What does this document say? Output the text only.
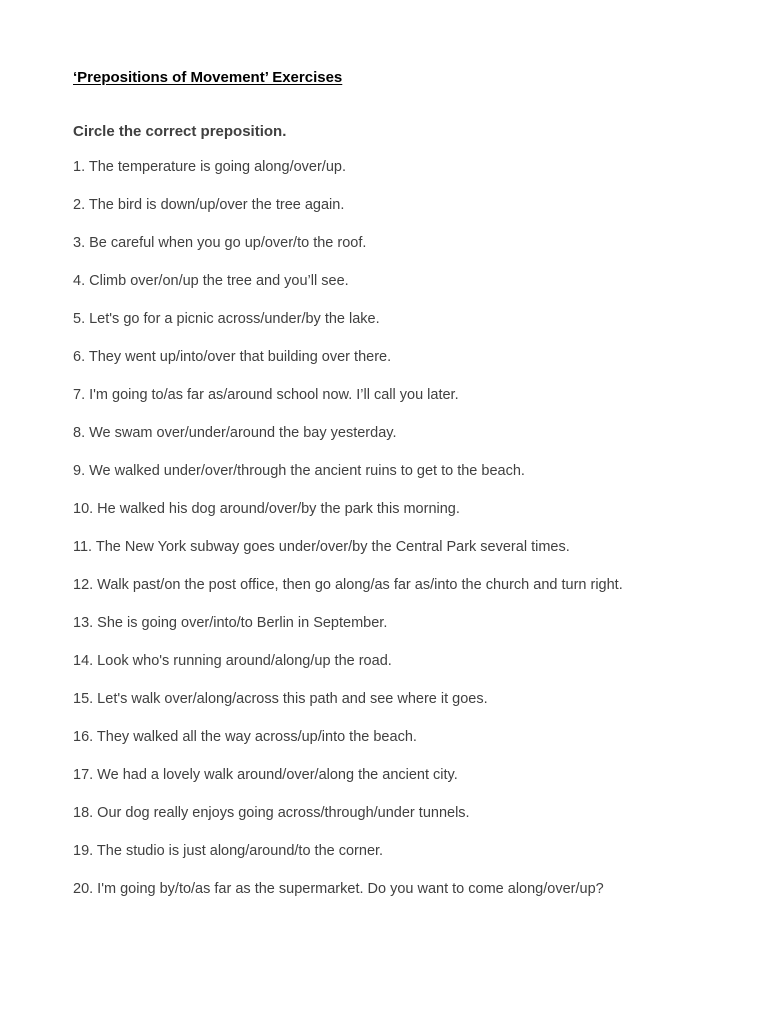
‘Prepositions of Movement’ Exercises
Circle the correct preposition.
1. The temperature is going along/over/up.
2. The bird is down/up/over the tree again.
3. Be careful when you go up/over/to the roof.
4. Climb over/on/up the tree and you’ll see.
5. Let's go for a picnic across/under/by the lake.
6. They went up/into/over that building over there.
7. I'm going to/as far as/around school now. I’ll call you later.
8. We swam over/under/around the bay yesterday.
9. We walked under/over/through the ancient ruins to get to the beach.
10. He walked his dog around/over/by the park this morning.
11. The New York subway goes under/over/by the Central Park several times.
12. Walk past/on the post office, then go along/as far as/into the church and turn right.
13. She is going over/into/to Berlin in September.
14. Look who's running around/along/up the road.
15. Let's walk over/along/across this path and see where it goes.
16. They walked all the way across/up/into the beach.
17. We had a lovely walk around/over/along the ancient city.
18. Our dog really enjoys going across/through/under tunnels.
19. The studio is just along/around/to the corner.
20. I'm going by/to/as far as the supermarket. Do you want to come along/over/up?
